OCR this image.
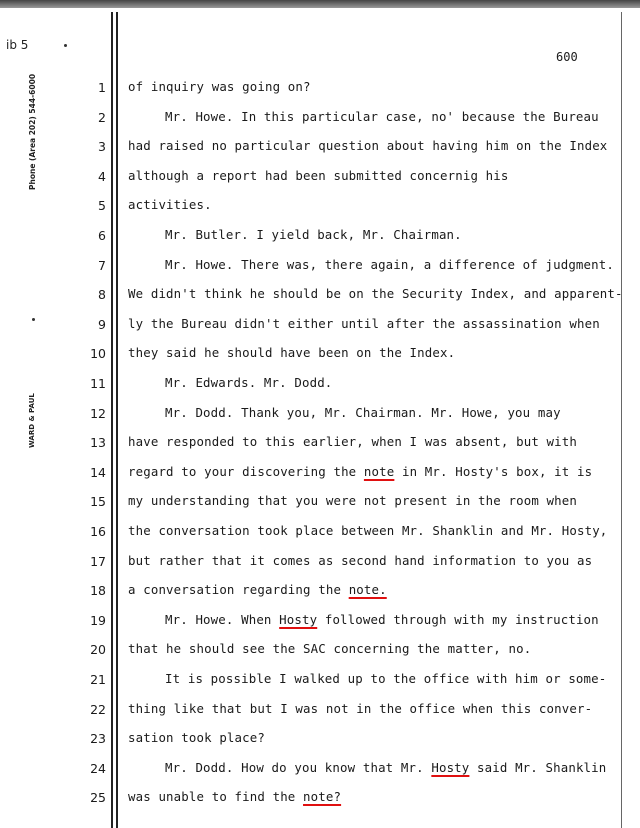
ib 5
Phone (Area 202) 544-6000
WARD & PAUL
600
1 of inquiry was going on?
2	Mr. Howe. In this particular case, no' because the Bureau
3 had raised no particular question about having him on the Index
4 although a report had been submitted concernig his
5 activities.
6	Mr. Butler. I yield back, Mr. Chairman.
7	Mr. Howe. There was, there again, a difference of judgment.
8 We didn't think he should be on the Security Index, and apparent-
9 ly the Bureau didn't either until after the assassination when
10 they said he should have been on the Index.
11	Mr. Edwards. Mr. Dodd.
12	Mr. Dodd. Thank you, Mr. Chairman. Mr. Howe, you may
13 have responded to this earlier, when I was absent, but with
14 regard to your discovering the note in Mr. Hosty's box, it is
15 my understanding that you were not present in the room when
16 the conversation took place between Mr. Shanklin and Mr. Hosty,
17 but rather that it comes as second hand information to you as
18 a conversation regarding the note.
19	Mr. Howe. When Hosty followed through with my instruction
20 that he should see the SAC concerning the matter, no.
21	It is possible I walked up to the office with him or some-
22 thing like that but I was not in the office when this conver-
23 sation took place?
24	Mr. Dodd. How do you know that Mr. Hosty said Mr. Shanklin
25 was unable to find the note?
